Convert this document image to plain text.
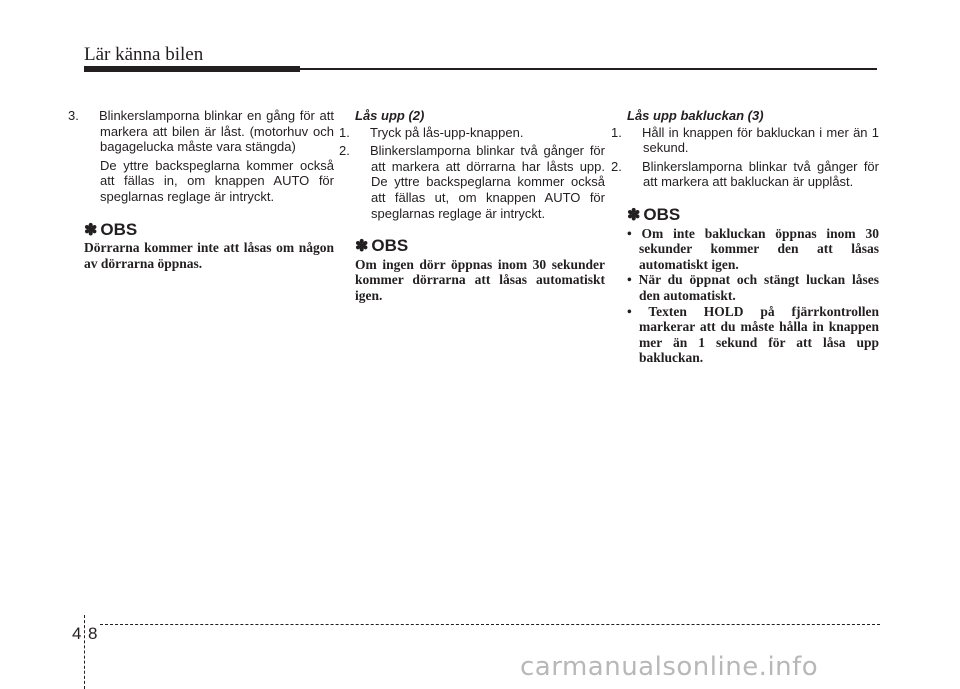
Lär känna bilen

3. Blinkerslamporna blinkar en gång för att markera att bilen är låst. (motorhuv och bagagelucka måste vara stängda)

De yttre backspeglarna kommer också att fällas in, om knappen AUTO för speglarnas reglage är intryckt.

✽ OBS

Dörrarna kommer inte att låsas om någon av dörrarna öppnas.

Lås upp (2)

1. Tryck på lås-upp-knappen.

2. Blinkerslamporna blinkar två gånger för att markera att dörrarna har låsts upp. De yttre backspeglarna kommer också att fällas ut, om knappen AUTO för speglarnas reglage är intryckt.

✽ OBS

Om ingen dörr öppnas inom 30 sekunder kommer dörrarna att låsas automatiskt igen.

Lås upp bakluckan (3)

1. Håll in knappen för bakluckan i mer än 1 sekund.

2. Blinkerslamporna blinkar två gånger för att markera att bakluckan är upplåst.

✽ OBS

• Om inte bakluckan öppnas inom 30 sekunder kommer den att låsas automatiskt igen.

• När du öppnat och stängt luckan låses den automatiskt.

• Texten HOLD på fjärrkontrollen markerar att du måste hålla in knappen mer än 1 sekund för att låsa upp bakluckan.

4 8
carmanualsonline.info
